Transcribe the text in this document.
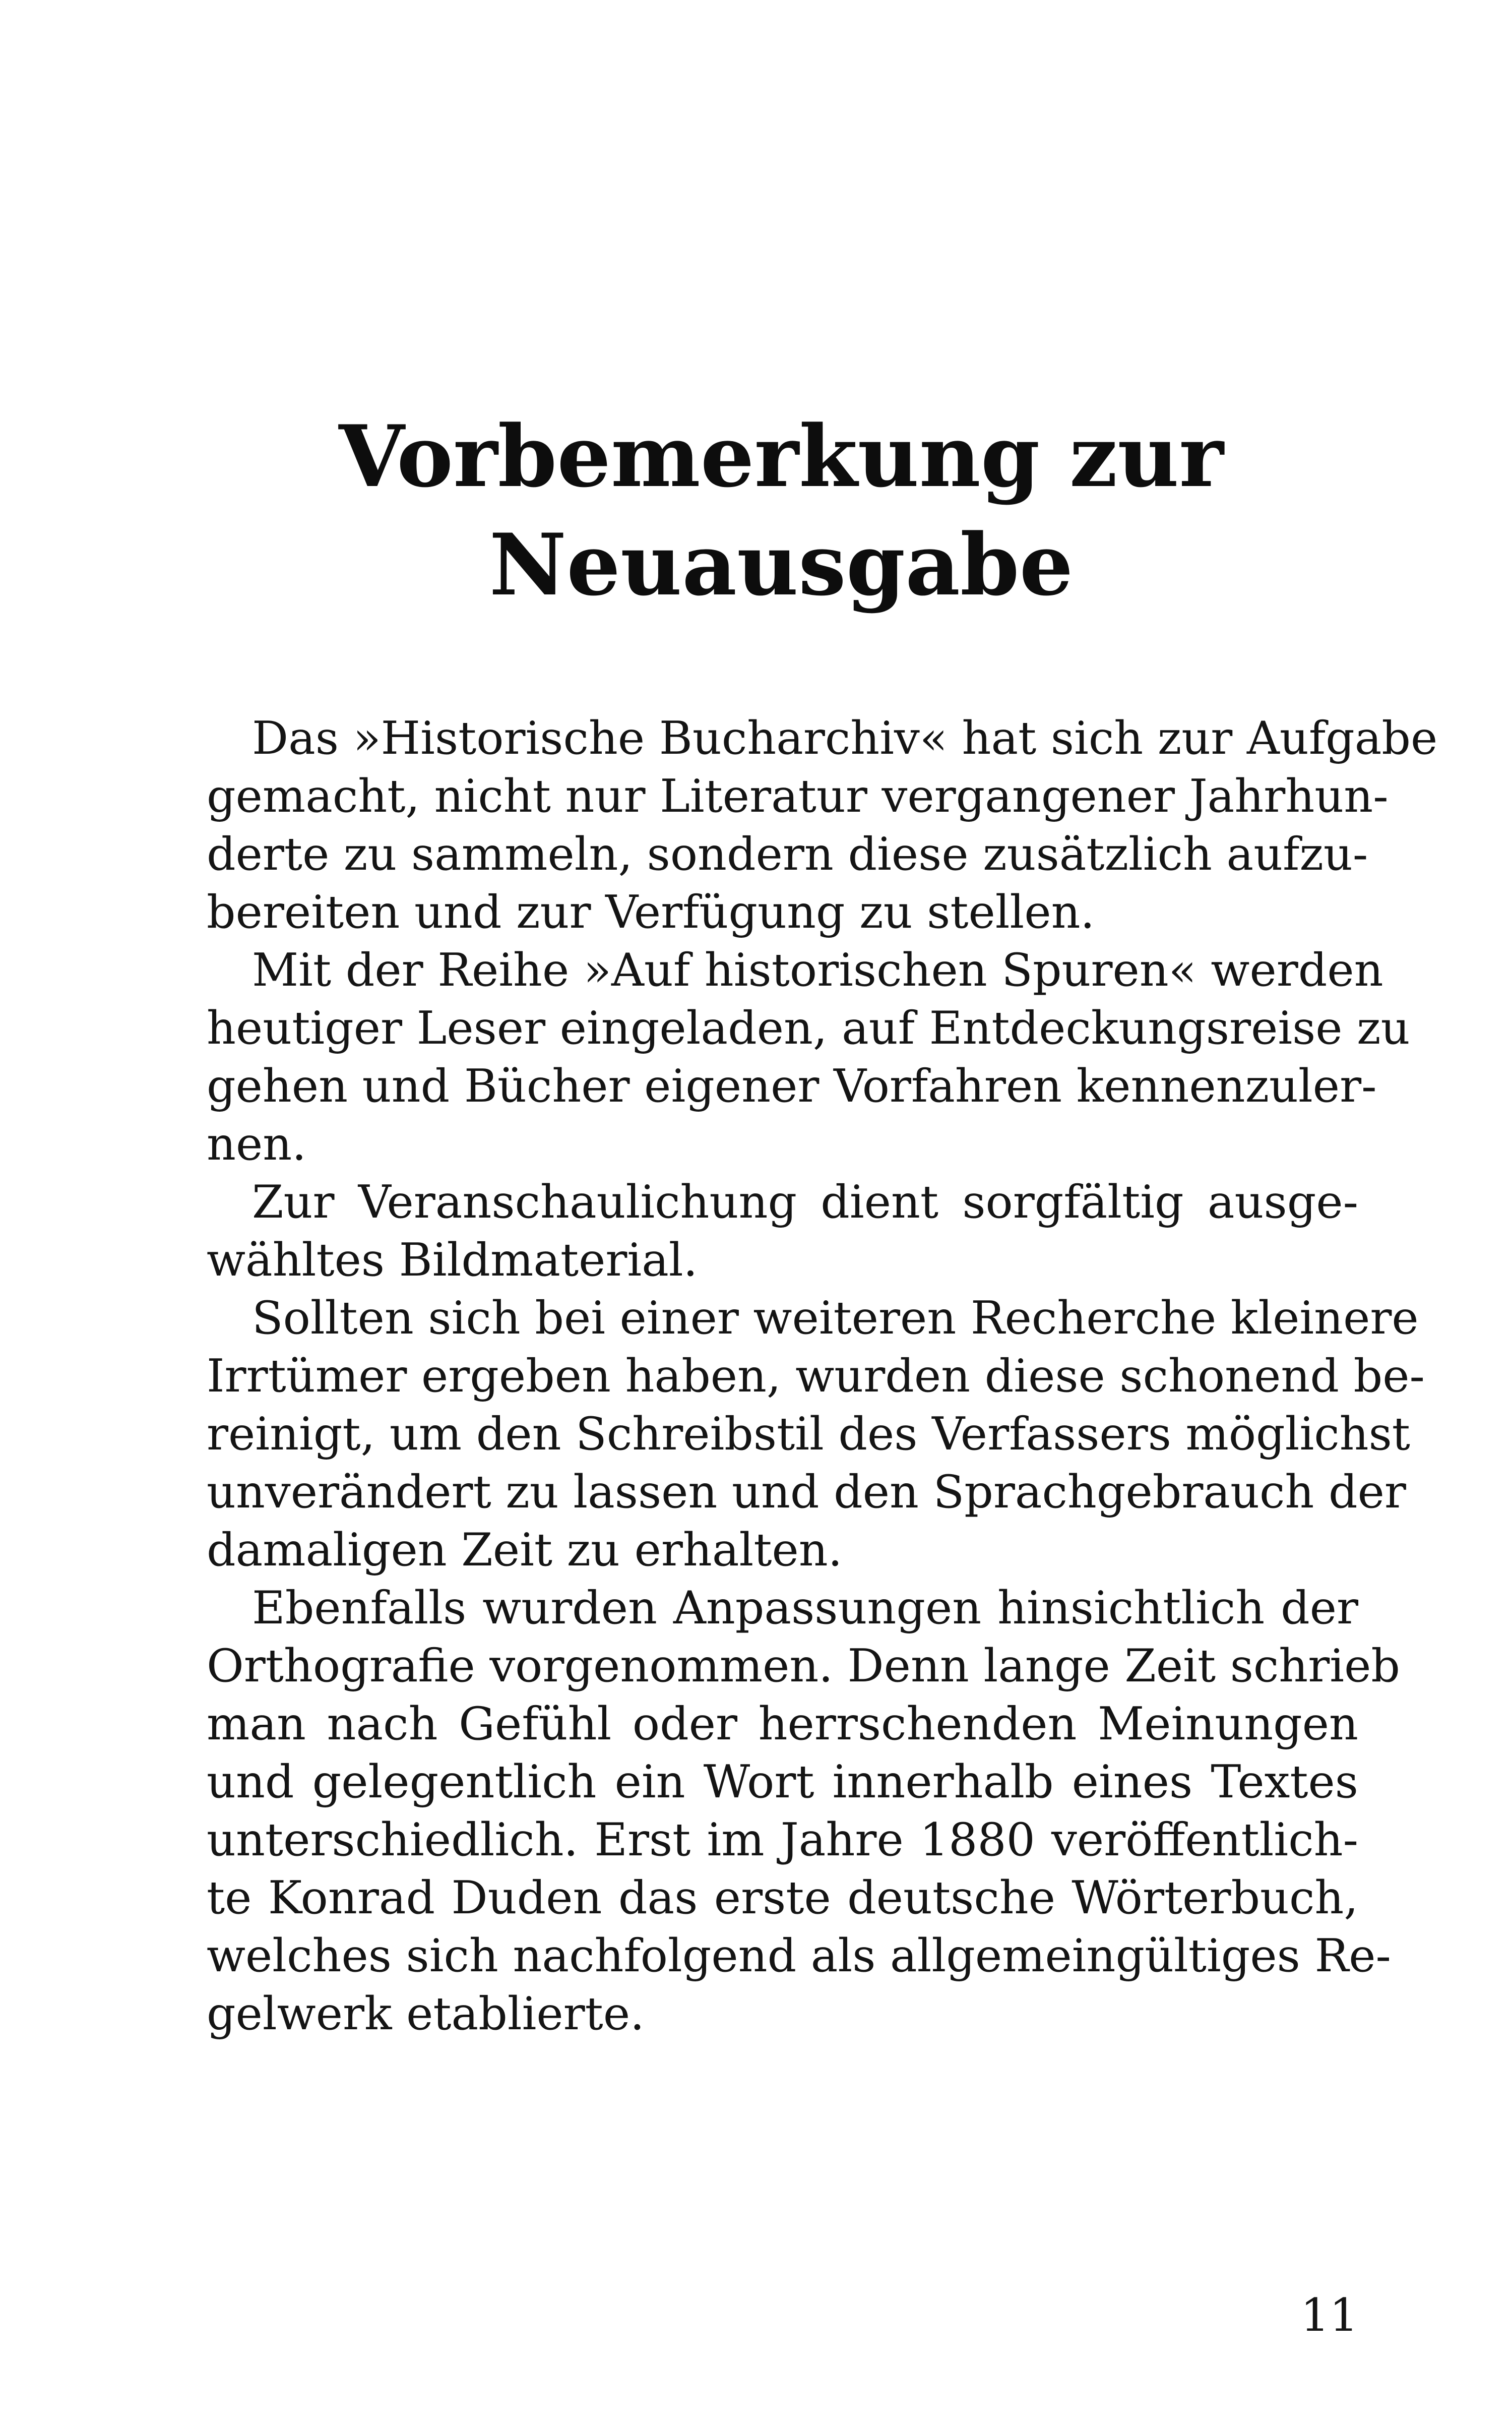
Vorbemerkung zur
Neuausgabe
Das »Historische Bucharchiv« hat sich zur Aufgabe
gemacht, nicht nur Literatur vergangener Jahrhun-
derte zu sammeln, sondern diese zusätzlich aufzu-
bereiten und zur Verfügung zu stellen.
Mit der Reihe »Auf historischen Spuren« werden
heutiger Leser eingeladen, auf Entdeckungsreise zu
gehen und Bücher eigener Vorfahren kennenzuler-
nen.
Zur Veranschaulichung dient sorgfältig ausge-
wähltes Bildmaterial.
Sollten sich bei einer weiteren Recherche kleinere
Irrtümer ergeben haben, wurden diese schonend be-
reinigt, um den Schreibstil des Verfassers möglichst
unverändert zu lassen und den Sprachgebrauch der
damaligen Zeit zu erhalten.
Ebenfalls wurden Anpassungen hinsichtlich der
Orthografie vorgenommen. Denn lange Zeit schrieb
man nach Gefühl oder herrschenden Meinungen
und gelegentlich ein Wort innerhalb eines Textes
unterschiedlich. Erst im Jahre 1880 veröffentlich-
te Konrad Duden das erste deutsche Wörterbuch,
welches sich nachfolgend als allgemeingültiges Re-
gelwerk etablierte.
11
